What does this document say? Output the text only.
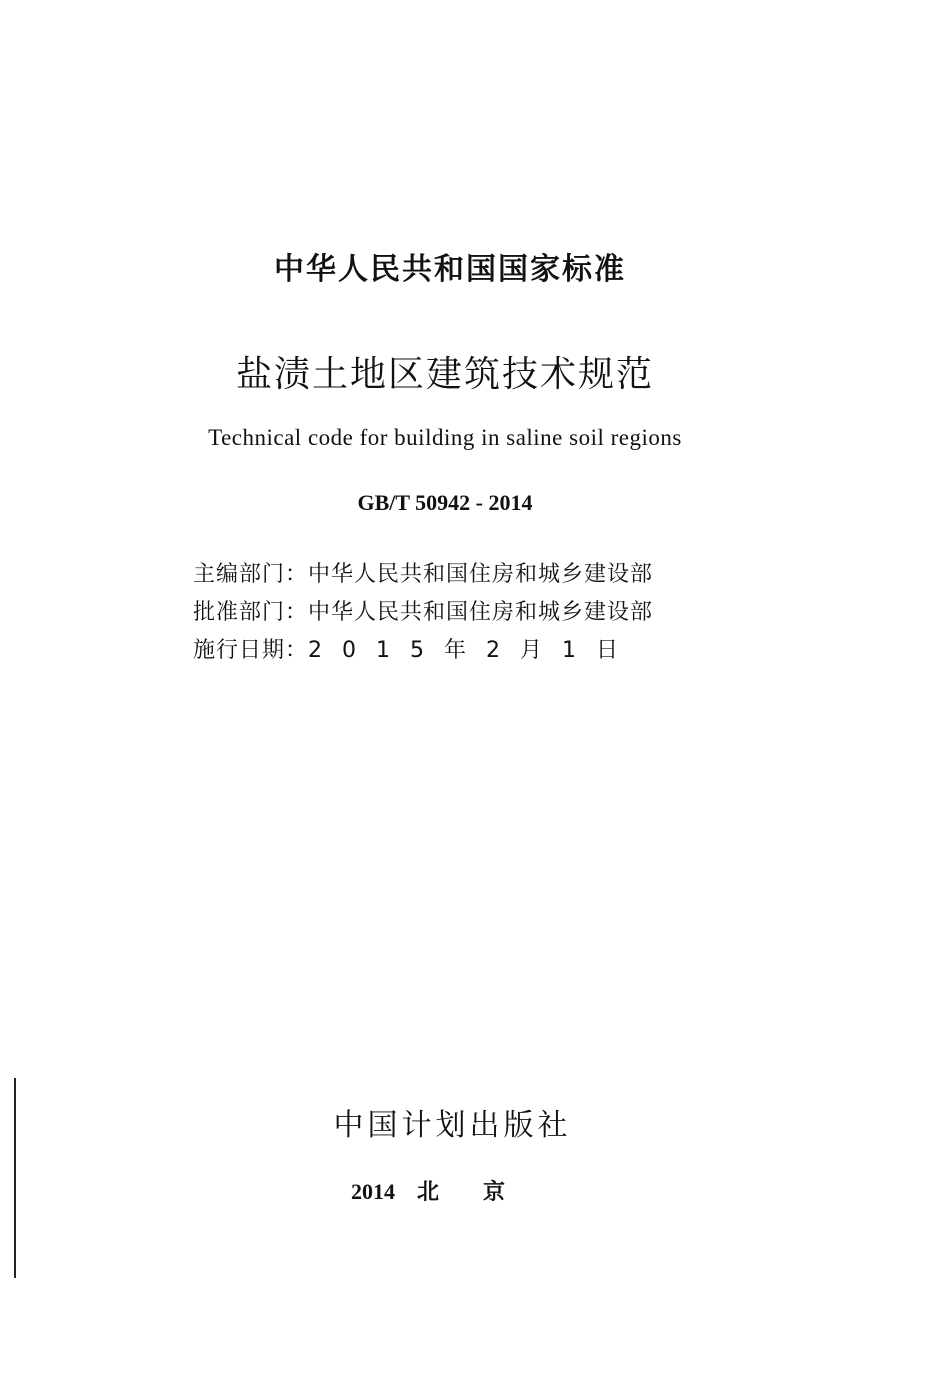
中华人民共和国国家标准
盐渍土地区建筑技术规范
Technical code for building in saline soil regions
GB/T 50942 - 2014
主编部门：中华人民共和国住房和城乡建设部
批准部门：中华人民共和国住房和城乡建设部
施行日期：2015年2月1日
中国计划出版社
2014 北京
